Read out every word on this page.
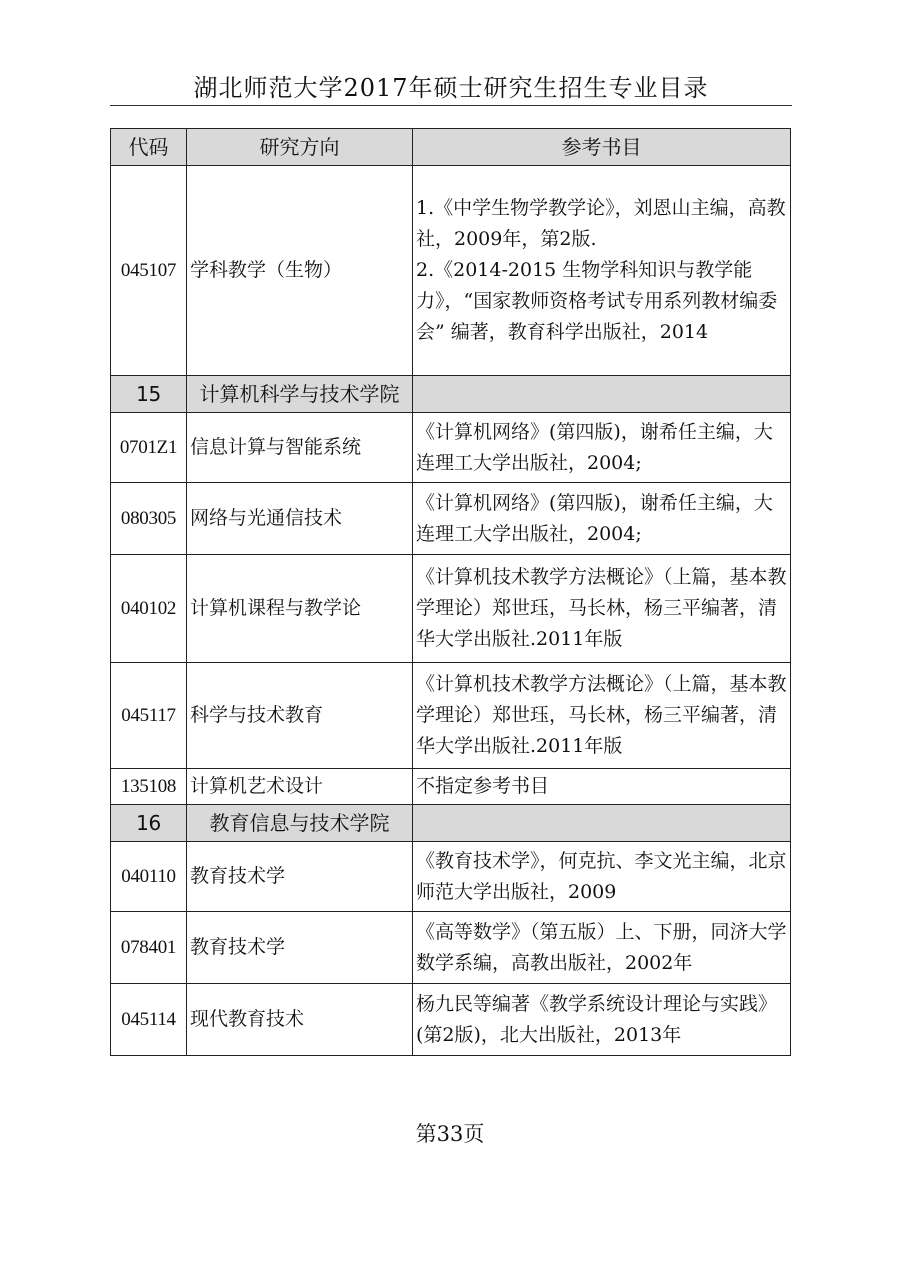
湖北师范大学2017年硕士研究生招生专业目录
代码	研究方向	参考书目
045107	学科教学（生物）	1.《中学生物学教学论》，刘恩山主编，高教社，2009年，第2版.
2.《2014-2015 生物学科知识与教学能力》，“国家教师资格考试专用系列教材编委会” 编著，教育科学出版社，2014

15	计算机科学与技术学院	
0701Z1	信息计算与智能系统	《计算机网络》(第四版)，谢希任主编，大连理工大学出版社，2004;
080305	网络与光通信技术	《计算机网络》(第四版)，谢希任主编，大连理工大学出版社，2004;
040102	计算机课程与教学论	《计算机技术教学方法概论》（上篇，基本教学理论）郑世珏，马长林，杨三平编著，清华大学出版社.2011年版
045117	科学与技术教育	《计算机技术教学方法概论》（上篇，基本教学理论）郑世珏，马长林，杨三平编著，清华大学出版社.2011年版
135108	计算机艺术设计	不指定参考书目
16	教育信息与技术学院	
040110	教育技术学	《教育技术学》，何克抗、李文光主编，北京师范大学出版社，2009
078401	教育技术学	《高等数学》（第五版）上、下册，同济大学数学系编，高教出版社，2002年
045114	现代教育技术	杨九民等编著《教学系统设计理论与实践》(第2版)，北大出版社，2013年
第33页
